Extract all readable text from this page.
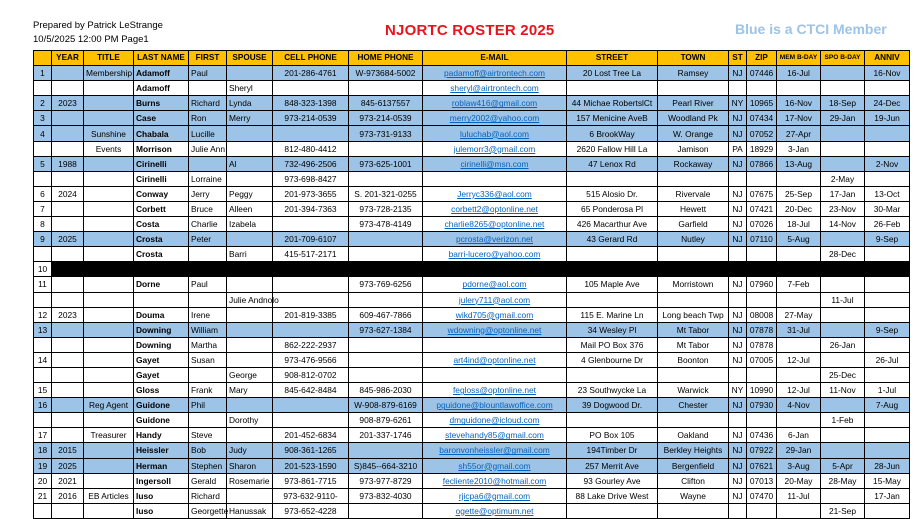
Prepared by Patrick LeStrange
10/5/2025 12:00 PM Page1
NJORTC ROSTER 2025	Blue is a CTCI Member
	YEAR	TITLE	LAST NAME	FIRST	SPOUSE	CELL PHONE	HOME PHONE	E-MAIL	STREET	TOWN	ST	ZIP	MEM B-DAY	SPO B-DAY	ANNIV
1		Membership	Adamoff	Paul		201-286-4761	W-973684-5002	padamoff@airtrontech.com	20 Lost Tree La	Ramsey	NJ	07446	16-Jul		16-Nov
			Adamoff		Sheryl			sheryl@airtrontech.com							
2	2023		Burns	Richard	Lynda	848-323-1398	845-6137557	roblaw416@gmail.com	44 Michae RobertslCt	Pearl River	NY	10965	16-Nov	18-Sep	24-Dec
3			Case	Ron	Merry	973-214-0539	973-214-0539	merry2002@yahoo.com	157 Menicine AveB	Woodland Pk	NJ	07434	17-Nov	29-Jan	19-Jun
4		Sunshine	Chabala	Lucille			973-731-9133	luluchab@aol.com	6 BrookWay	W. Orange	NJ	07052	27-Apr		
		Events	Morrison	Julie Ann		812-480-4412		julemorr3@gmail.com	2620 Fallow Hill La	Jamison	PA	18929	3-Jan		
5	1988		Cirinelli		Al	732-496-2506	973-625-1001	cirinelli@msn.com	47 Lenox Rd	Rockaway	NJ	07866	13-Aug		2-Nov
			Cirinelli	Lorraine		973-698-8427								2-May	
6	2024		Conway	Jerry	Peggy	201-973-3655	S. 201-321-0255	Jerryc336@aol.com	515 Alosio Dr.	Rivervale	NJ	07675	25-Sep	17-Jan	13-Oct
7			Corbett	Bruce	Alleen	201-394-7363	973-728-2135	corbett2@optonline.net	65 Ponderosa Pl	Hewett	NJ	07421	20-Dec	23-Nov	30-Mar
8			Costa	Charlie	Izabela		973-478-4149	charlie8265@optonline.net	426 Macarthur Ave	Garfield	NJ	07026	18-Jul	14-Nov	26-Feb
9	2025		Crosta	Peter		201-709-6107		pcrosta@verizon.net	43 Gerard Rd	Nutley	NJ	07110	5-Aug		9-Sep
			Crosta		Barri	415-517-2171		barri-lucero@yahoo.com						28-Dec	
10															
11			Dorne	Paul			973-769-6256	pdorne@aol.com	105 Maple Ave	Morristown	NJ	07960	7-Feb		
					Julie Andnolo			julery711@aol.com						11-Jul	
12	2023		Douma	Irene		201-819-3385	609-467-7866	wikd705@gmail.com	115 E. Marine Ln	Long beach Twp	NJ	08008	27-May		
13			Downing	William			973-627-1384	wdowning@optonline.net	34 Wesley Pl	Mt Tabor	NJ	07878	31-Jul		9-Sep
			Downing	Martha		862-222-2937			Mail PO Box 376	Mt Tabor	NJ	07878		26-Jan	
14			Gayet	Susan		973-476-9566		art4ind@optonline.net	4 Glenbourne Dr	Boonton	NJ	07005	12-Jul		26-Jul
			Gayet		George	908-812-0702								25-Dec	
15			Gloss	Frank	Mary	845-642-8484	845-986-2030	fegloss@optonline.net	23 Southwycke La	Warwick	NY	10990	12-Jul	11-Nov	1-Jul
16		Reg Agent	Guidone	Phil			W-908-879-6169	pguidone@blountlawoffice.com	39 Dogwood Dr.	Chester	NJ	07930	4-Nov		7-Aug
			Guidone		Dorothy		908-879-6261	dmguidone@icloud.com						1-Feb	
17		Treasurer	Handy	Steve		201-452-6834	201-337-1746	stevehandy85@gmail.com	PO Box 105	Oakland	NJ	07436	6-Jan		
18	2015		Heissler	Bob	Judy	908-361-1265		baronvonheissler@gmail.com	194Timber Dr	Berkley Heights	NJ	07922	29-Jan		
19	2025		Herman	Stephen	Sharon	201-523-1590	S)845--664-3210	sh55or@gmail.com	257 Merrit Ave	Bergenfield	NJ	07621	3-Aug	5-Apr	28-Jun
20	2021		Ingersoll	Gerald	Rosemarie	973-861-7715	973-977-8729	fecliente2010@hotmail.com	93 Gourley Ave	Clifton	NJ	07013	20-May	28-May	15-May
21	2016	EB Articles	Iuso	Richard		973-632-9110-	973-832-4030	rjicpa6@gmail.com	88 Lake Drive West	Wayne	NJ	07470	11-Jul		17-Jan
			Iuso	Georgette	Hanussak	973-652-4228		ogette@optimum.net						21-Sep	
